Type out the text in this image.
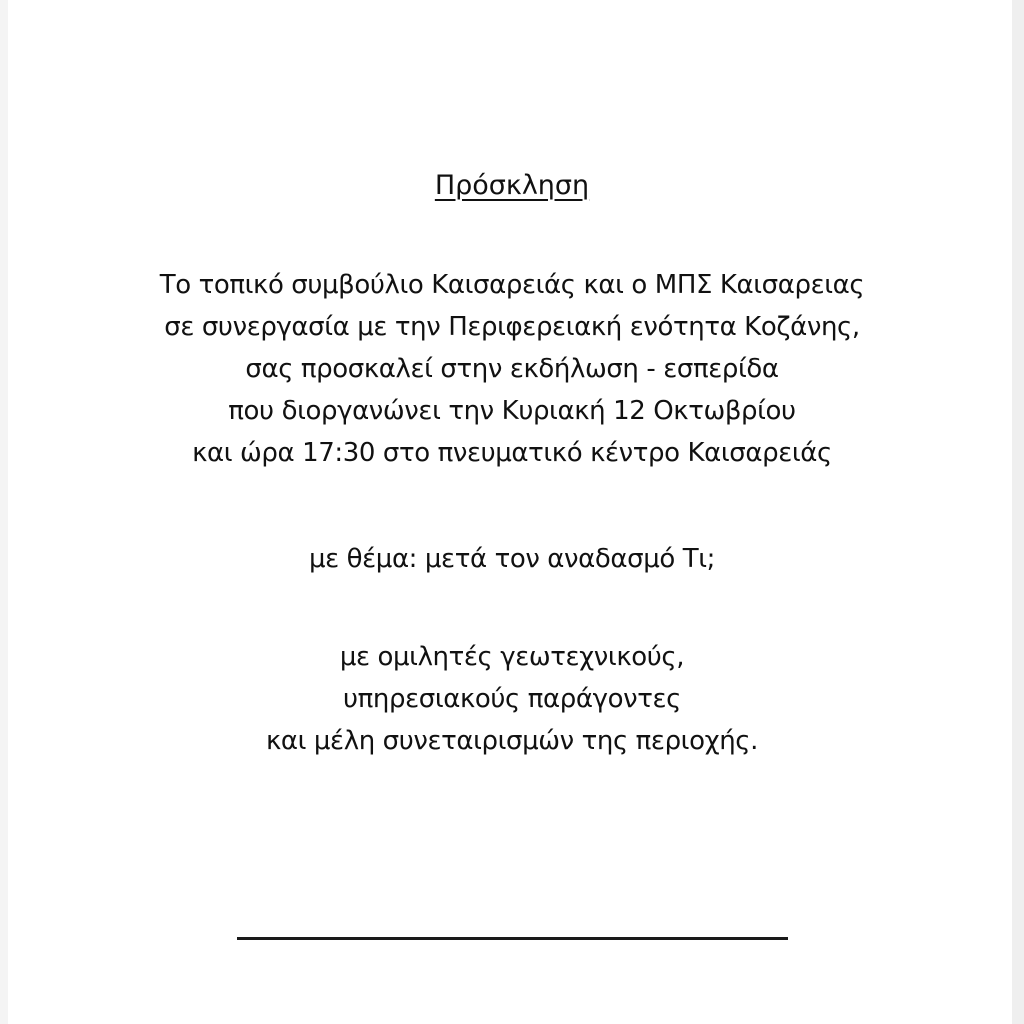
Πρόσκληση
Το τοπικό συμβούλιο Καισαρειάς και ο ΜΠΣ Καισαρειας
σε συνεργασία με την Περιφερειακή ενότητα Κοζάνης,
σας προσκαλεί στην εκδήλωση - εσπερίδα
που διοργανώνει την Κυριακή 12 Οκτωβρίου
και ώρα 17:30 στο πνευματικό κέντρο Καισαρειάς
με θέμα: μετά τον αναδασμό Τι;
με ομιλητές γεωτεχνικούς,
υπηρεσιακούς παράγοντες
και μέλη συνεταιρισμών της περιοχής.
